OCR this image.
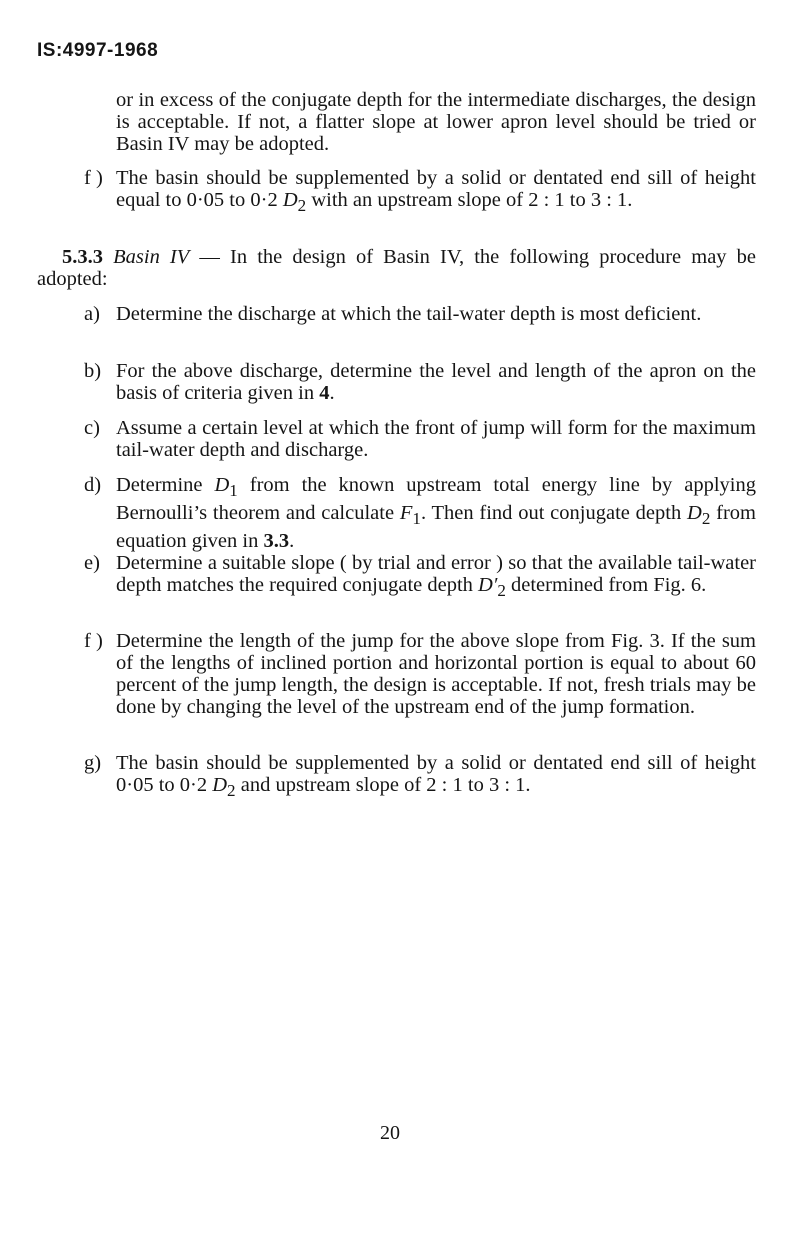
IS:4997-1968
or in excess of the conjugate depth for the intermediate discharges, the design is acceptable. If not, a flatter slope at lower apron level should be tried or Basin IV may be adopted.
f ) The basin should be supplemented by a solid or dentated end sill of height equal to 0·05 to 0·2 $D_2$ with an upstream slope of 2 : 1 to 3 : 1.
5.3.3 Basin IV — In the design of Basin IV, the following procedure may be adopted:
a) Determine the discharge at which the tail-water depth is most deficient.
b) For the above discharge, determine the level and length of the apron on the basis of criteria given in 4.
c) Assume a certain level at which the front of jump will form for the maximum tail-water depth and discharge.
d) Determine $D_1$ from the known upstream total energy line by applying Bernoulli’s theorem and calculate $F_1$. Then find out conjugate depth $D_2$ from equation given in 3.3.
e) Determine a suitable slope ( by trial and error ) so that the available tail-water depth matches the required conjugate depth $D'_2$ determined from Fig. 6.
f ) Determine the length of the jump for the above slope from Fig. 3. If the sum of the lengths of inclined portion and horizontal portion is equal to about 60 percent of the jump length, the design is acceptable. If not, fresh trials may be done by changing the level of the upstream end of the jump formation.
g) The basin should be supplemented by a solid or dentated end sill of height 0·05 to 0·2 $D_2$ and upstream slope of 2 : 1 to 3 : 1.
20
